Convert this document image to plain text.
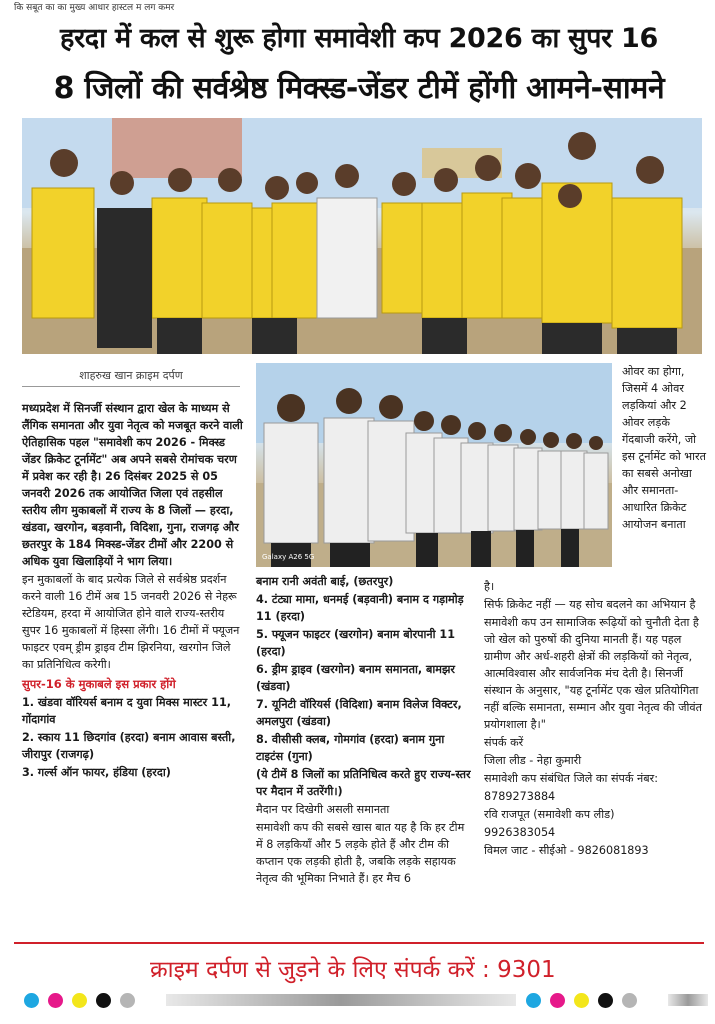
कि सबूत का का मुख्य आधार हास्टल म लग कमर
हरदा में कल से शुरू होगा समावेशी कप 2026 का सुपर 16
8 जिलों की सर्वश्रेष्ठ मिक्स्ड-जेंडर टीमें होंगी आमने-सामने
शाहरुख खान क्राइम दर्पण

मध्यप्रदेश में सिनर्जी संस्थान द्वारा खेल के माध्यम से लैंगिक समानता और युवा नेतृत्व को मजबूत करने वाली ऐतिहासिक पहल "समावेशी कप 2026 - मिक्स्ड जेंडर क्रिकेट टूर्नामेंट" अब अपने सबसे रोमांचक चरण में प्रवेश कर रही है। 26 दिसंबर 2025 से 05 जनवरी 2026 तक आयोजित जिला एवं तहसील स्तरीय लीग मुकाबलों में राज्य के 8 जिलों — हरदा, खंडवा, खरगोन, बड़वानी, विदिशा, गुना, राजगढ़ और छतरपुर के 184 मिक्स्ड-जेंडर टीमों और 2200 से अधिक युवा खिलाड़ियों ने भाग लिया।

इन मुकाबलों के बाद प्रत्येक जिले से सर्वश्रेष्ठ प्रदर्शन करने वाली 16 टीमें अब 15 जनवरी 2026 से नेहरू स्टेडियम, हरदा में आयोजित होने वाले राज्य-स्तरीय सुपर 16 मुकाबलों में हिस्सा लेंगी। 16 टीमों में फ्यूजन फाइटर एवम् ड्रीम ड्राइव टीम झिरनिया, खरगोन जिले का प्रतिनिधित्व करेगी।

सुपर-16 के मुकाबले इस प्रकार होंगे

1. खंडवा वॉरियर्स बनाम द युवा मिक्स मास्टर 11, गोंदागांव

2. स्काय 11 छिदगांव (हरदा) बनाम आवास बस्ती, जीरापुर (राजगढ़)

3. गर्ल्स ऑन फायर, हंडिया (हरदा)

Galaxy A26 5G

ओवर का होगा, जिसमें 4 ओवर लड़कियां और 2 ओवर लड़के गेंदबाजी करेंगे, जो इस टूर्नामेंट को भारत का सबसे अनोखा और समानता-आधारित क्रिकेट आयोजन बनाता

बनाम रानी अवंती बाई, (छतरपुर)

4. टंट्या मामा, धनमई (बड़वानी) बनाम द गड़ामोड़ 11 (हरदा)

5. फ्यूजन फाइटर (खरगोन) बनाम बोरपानी 11 (हरदा)

6. ड्रीम ड्राइव (खरगोन) बनाम समानता, बामझर (खंडवा)

7. यूनिटी वॉरियर्स (विदिशा) बनाम विलेज विक्टर, अमलपुरा (खंडवा)

8. वीसीसी क्लब, गोमगांव (हरदा) बनाम गुना टाइटंस (गुना)

(ये टीमें 8 जिलों का प्रतिनिधित्व करते हुए राज्य-स्तर पर मैदान में उतरेंगी।)

मैदान पर दिखेगी असली समानता

समावेशी कप की सबसे खास बात यह है कि हर टीम में 8 लड़कियाँ और 5 लड़के होते हैं और टीम की कप्तान एक लड़की होती है, जबकि लड़के सहायक नेतृत्व की भूमिका निभाते हैं। हर मैच 6

है।

सिर्फ क्रिकेट नहीं — यह सोच बदलने का अभियान है

समावेशी कप उन सामाजिक रूढ़ियों को चुनौती देता है जो खेल को पुरुषों की दुनिया मानती हैं। यह पहल ग्रामीण और अर्ध-शहरी क्षेत्रों की लड़कियों को नेतृत्व, आत्मविश्वास और सार्वजनिक मंच देती है। सिनर्जी संस्थान के अनुसार, "यह टूर्नामेंट एक खेल प्रतियोगिता नहीं बल्कि समानता, सम्मान और युवा नेतृत्व की जीवंत प्रयोगशाला है।"

संपर्क करें

जिला लीड - नेहा कुमारी

समावेशी कप संबंधित जिले का संपर्क नंबर:

8789273884

रवि राजपूत (समावेशी कप लीड)

9926383054

विमल जाट - सीईओ - 9826081893

क्राइम दर्पण से जुड़ने के लिए संपर्क करें : 9301
